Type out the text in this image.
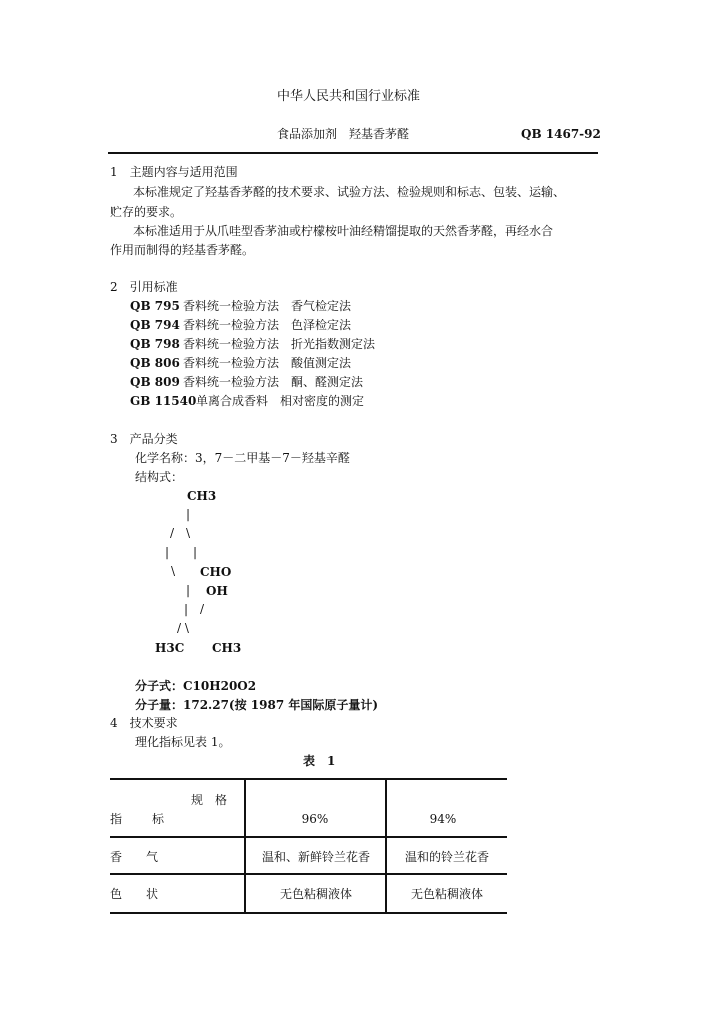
中华人民共和国行业标准
食品添加剂　羟基香茅醛	QB 1467-92
1　主题内容与适用范围
本标准规定了羟基香茅醛的技术要求、试验方法、检验规则和标志、包装、运输、
贮存的要求。
本标准适用于从爪哇型香茅油或柠檬桉叶油经精馏提取的天然香茅醛，再经水合
作用而制得的羟基香茅醛。
2　引用标准
QB 795 香料统一检验方法　香气检定法
QB 794 香料统一检验方法　色泽检定法
QB 798 香料统一检验方法　折光指数测定法
QB 806 香料统一检验方法　酸值测定法
QB 809 香料统一检验方法　酮、醛测定法
GB 11540 单离合成香料　相对密度的测定
3　产品分类
化学名称：3，7－二甲基－7－羟基辛醛
结构式：
CH3
|
/　\
|　　|
\ CHO
| OH
|　/
/ \
H3C CH3
分子式：C10H20O2
分子量：172.27(按 1987 年国际原子量计)
4　技术要求
理化指标见表 1。
表　1
规　格
指　　标	96%	94%
香　　气	温和、新鲜铃兰花香	温和的铃兰花香
色　　状	无色粘稠液体	无色粘稠液体
